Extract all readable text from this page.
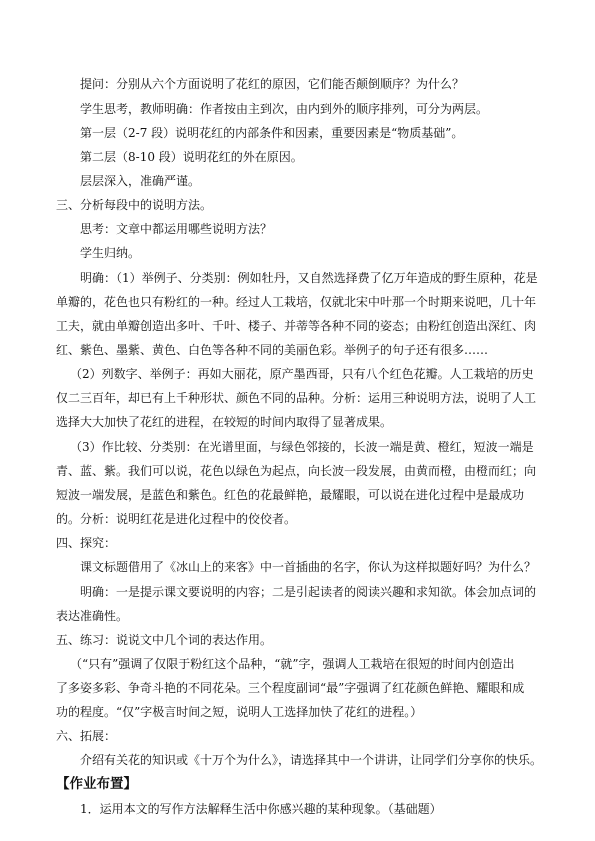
提问：分别从六个方面说明了花红的原因，它们能否颠倒顺序？为什么？
学生思考，教师明确：作者按由主到次，由内到外的顺序排列，可分为两层。
第一层（2-7 段）说明花红的内部条件和因素，重要因素是“物质基础”。
第二层（8-10 段）说明花红的外在原因。
层层深入，准确严谨。
三、分析每段中的说明方法。
思考：文章中都运用哪些说明方法？
学生归纳。
明确：（1）举例子、分类别：例如牡丹，又自然选择费了亿万年造成的野生原种，花是
单瓣的，花色也只有粉红的一种。经过人工栽培，仅就北宋中叶那一个时期来说吧，几十年
工夫，就由单瓣创造出多叶、千叶、楼子、并蒂等各种不同的姿态；由粉红创造出深红、肉
红、紫色、墨紫、黄色、白色等各种不同的美丽色彩。举例子的句子还有很多……
（2）列数字、举例子：再如大丽花，原产墨西哥，只有八个红色花瓣。人工栽培的历史
仅二三百年，却已有上千种形状、颜色不同的品种。分析：运用三种说明方法，说明了人工
选择大大加快了花红的进程，在较短的时间内取得了显著成果。
（3）作比较、分类别：在光谱里面，与绿色邻接的，长波一端是黄、橙红，短波一端是
青、蓝、紫。我们可以说，花色以绿色为起点，向长波一段发展，由黄而橙，由橙而红；向
短波一端发展，是蓝色和紫色。红色的花最鲜艳，最耀眼，可以说在进化过程中是最成功
的。分析：说明红花是进化过程中的佼佼者。
四、探究：
课文标题借用了《冰山上的来客》中一首插曲的名字，你认为这样拟题好吗？为什么？
明确：一是提示课文要说明的内容；二是引起读者的阅读兴趣和求知欲。体会加点词的
表达准确性。
五、练习：说说文中几个词的表达作用。
（“只有”强调了仅限于粉红这个品种，“就”字，强调人工栽培在很短的时间内创造出
了多姿多彩、争奇斗艳的不同花朵。三个程度副词“最”字强调了红花颜色鲜艳、耀眼和成
功的程度。“仅”字极言时间之短，说明人工选择加快了花红的进程。）
六、拓展：
介绍有关花的知识或《十万个为什么》，请选择其中一个讲讲，让同学们分享你的快乐。
【作业布置】
1．运用本文的写作方法解释生活中你感兴趣的某种现象。（基础题）
